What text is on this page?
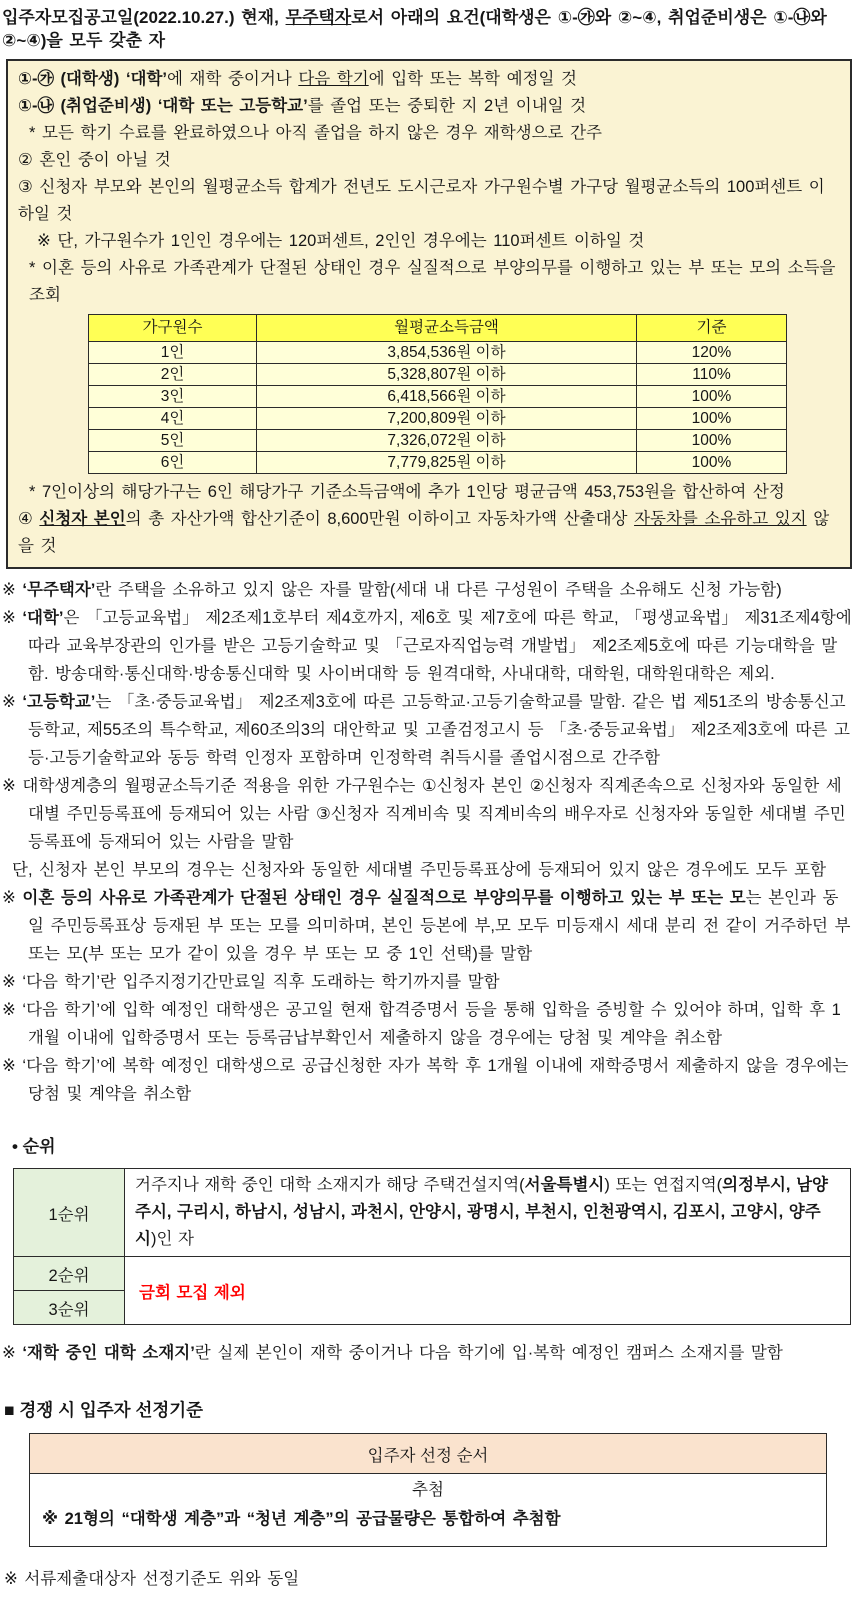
입주자모집공고일(2022.10.27.) 현재, 무주택자로서 아래의 요건(대학생은 ①-㉮와 ②~④, 취업준비생은 ①-㉯와 ②~④)을 모두 갖춘 자

①-㉮ (대학생) ‘대학’에 재학 중이거나 다음 학기에 입학 또는 복학 예정일 것

①-㉯ (취업준비생) ‘대학 또는 고등학교’를 졸업 또는 중퇴한 지 2년 이내일 것

* 모든 학기 수료를 완료하였으나 아직 졸업을 하지 않은 경우 재학생으로 간주

② 혼인 중이 아닐 것

③ 신청자 부모와 본인의 월평균소득 합계가 전년도 도시근로자 가구원수별 가구당 월평균소득의 100퍼센트 이하일 것

※ 단, 가구원수가 1인인 경우에는 120퍼센트, 2인인 경우에는 110퍼센트 이하일 것

* 이혼 등의 사유로 가족관계가 단절된 상태인 경우 실질적으로 부양의무를 이행하고 있는 부 또는 모의 소득을 조회

가구원수	월평균소득금액	기준
1인	3,854,536원 이하	120%
2인	5,328,807원 이하	110%
3인	6,418,566원 이하	100%
4인	7,200,809원 이하	100%
5인	7,326,072원 이하	100%
6인	7,779,825원 이하	100%

* 7인이상의 해당가구는 6인 해당가구 기준소득금액에 추가 1인당 평균금액 453,753원을 합산하여 산정

④ 신청자 본인의 총 자산가액 합산기준이 8,600만원 이하이고 자동차가액 산출대상 자동차를 소유하고 있지 않을 것

※ ‘무주택자’란 주택을 소유하고 있지 않은 자를 말함(세대 내 다른 구성원이 주택을 소유해도 신청 가능함)

※ ‘대학’은 「고등교육법」 제2조제1호부터 제4호까지, 제6호 및 제7호에 따른 학교, 「평생교육법」 제31조제4항에 따라 교육부장관의 인가를 받은 고등기술학교 및 「근로자직업능력 개발법」 제2조제5호에 따른 기능대학을 말함. 방송대학·통신대학·방송통신대학 및 사이버대학 등 원격대학, 사내대학, 대학원, 대학원대학은 제외.

※ ‘고등학교’는 「초·중등교육법」 제2조제3호에 따른 고등학교·고등기술학교를 말함. 같은 법 제51조의 방송통신고등학교, 제55조의 특수학교, 제60조의3의 대안학교 및 고졸검정고시 등 「초·중등교육법」 제2조제3호에 따른 고등·고등기술학교와 동등 학력 인정자 포함하며 인정학력 취득시를 졸업시점으로 간주함

※ 대학생계층의 월평균소득기준 적용을 위한 가구원수는 ①신청자 본인 ②신청자 직계존속으로 신청자와 동일한 세대별 주민등록표에 등재되어 있는 사람 ③신청자 직계비속 및 직계비속의 배우자로 신청자와 동일한 세대별 주민등록표에 등재되어 있는 사람을 말함

단, 신청자 본인 부모의 경우는 신청자와 동일한 세대별 주민등록표상에 등재되어 있지 않은 경우에도 모두 포함

※ 이혼 등의 사유로 가족관계가 단절된 상태인 경우 실질적으로 부양의무를 이행하고 있는 부 또는 모는 본인과 동일 주민등록표상 등재된 부 또는 모를 의미하며, 본인 등본에 부,모 모두 미등재시 세대 분리 전 같이 거주하던 부 또는 모(부 또는 모가 같이 있을 경우 부 또는 모 중 1인 선택)를 말함

※ ‘다음 학기’란 입주지정기간만료일 직후 도래하는 학기까지를 말함

※ ‘다음 학기’에 입학 예정인 대학생은 공고일 현재 합격증명서 등을 통해 입학을 증빙할 수 있어야 하며, 입학 후 1개월 이내에 입학증명서 또는 등록금납부확인서 제출하지 않을 경우에는 당첨 및 계약을 취소함

※ ‘다음 학기’에 복학 예정인 대학생으로 공급신청한 자가 복학 후 1개월 이내에 재학증명서 제출하지 않을 경우에는 당첨 및 계약을 취소함

• 순위

1순위	거주지나 재학 중인 대학 소재지가 해당 주택건설지역(서울특별시) 또는 연접지역(의정부시, 남양주시, 구리시, 하남시, 성남시, 과천시, 안양시, 광명시, 부천시, 인천광역시, 김포시, 고양시, 양주시)인 자
2순위	금회 모집 제외
3순위	

※ ‘재학 중인 대학 소재지’란 실제 본인이 재학 중이거나 다음 학기에 입·복학 예정인 캠퍼스 소재지를 말함

■ 경쟁 시 입주자 선정기준

입주자 선정 순서

추첨

※ 21형의 “대학생 계층”과 “청년 계층”의 공급물량은 통합하여 추첨함

※ 서류제출대상자 선정기준도 위와 동일
